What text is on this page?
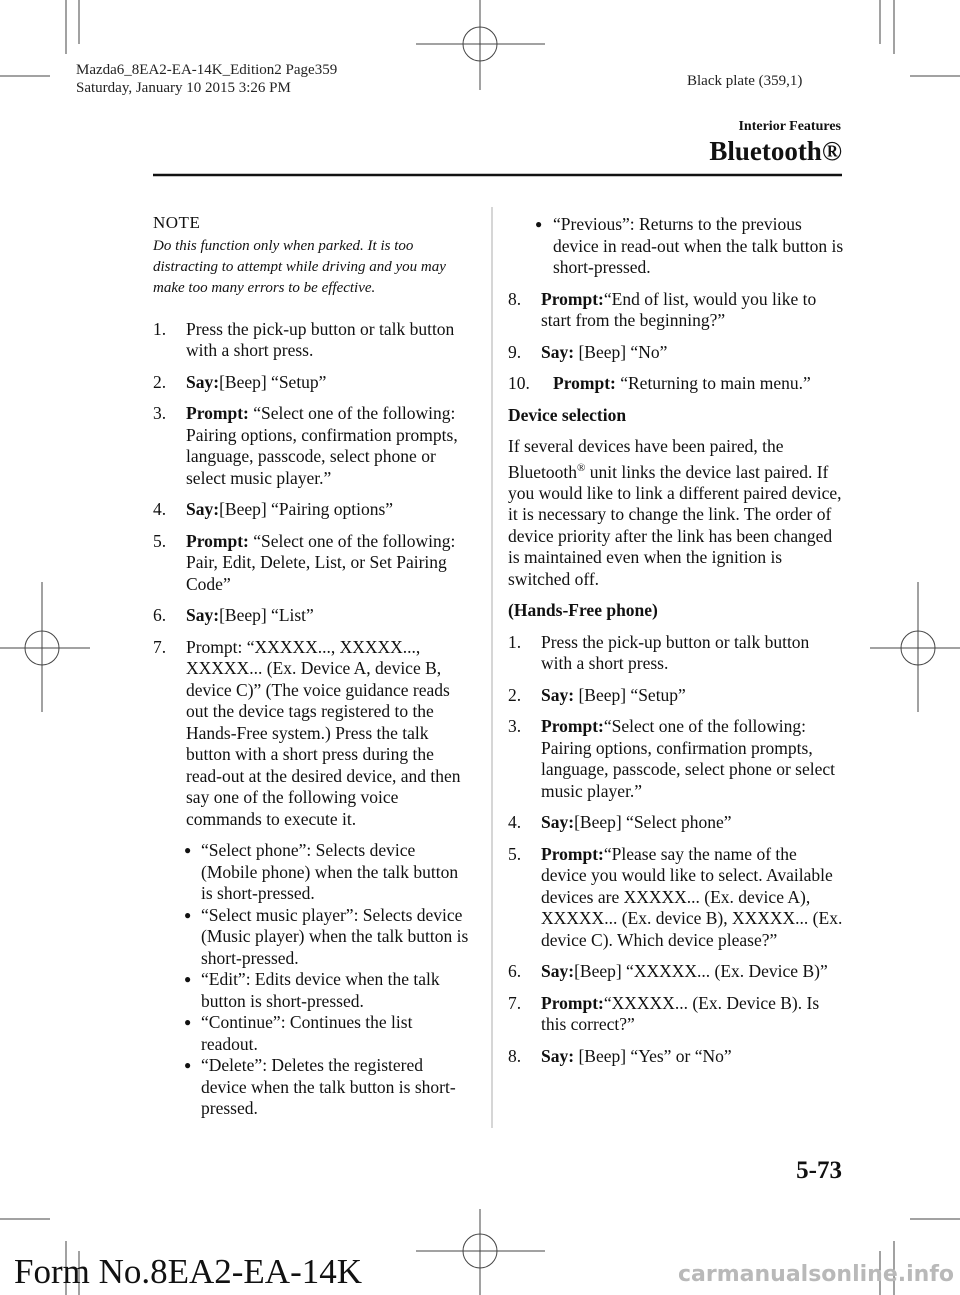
Mazda6_8EA2-EA-14K_Edition2 Page359
Saturday, January 10 2015 3:26 PM	Black plate (359,1)
Interior Features
Bluetooth®

NOTE

Do this function only when parked. It is too distracting to attempt while driving and you may make too many errors to be effective.

1. Press the pick-up button or talk button with a short press.
2. Say:[Beep] “Setup”
3. Prompt: “Select one of the following: Pairing options, confirmation prompts, language, passcode, select phone or select music player.”
4. Say:[Beep] “Pairing options”
5. Prompt: “Select one of the following: Pair, Edit, Delete, List, or Set Pairing Code”
6. Say:[Beep] “List”
7. Prompt: “XXXXX..., XXXXX..., XXXXX... (Ex. Device A, device B, device C)” (The voice guidance reads out the device tags registered to the Hands-Free system.) Press the talk button with a short press during the read-out at the desired device, and then say one of the following voice commands to execute it.
● “Select phone”: Selects device (Mobile phone) when the talk button is short-pressed.
● “Select music player”: Selects device (Music player) when the talk button is short-pressed.
● “Edit”: Edits device when the talk button is short-pressed.
● “Continue”: Continues the list readout.
● “Delete”: Deletes the registered device when the talk button is short-pressed.
● “Previous”: Returns to the previous device in read-out when the talk button is short-pressed.
8. Prompt:“End of list, would you like to start from the beginning?”
9. Say: [Beep] “No”
10. Prompt: “Returning to main menu.”

Device selection

If several devices have been paired, the Bluetooth® unit links the device last paired. If you would like to link a different paired device, it is necessary to change the link. The order of device priority after the link has been changed is maintained even when the ignition is switched off.

(Hands-Free phone)

1. Press the pick-up button or talk button with a short press.
2. Say: [Beep] “Setup”
3. Prompt:“Select one of the following: Pairing options, confirmation prompts, language, passcode, select phone or select music player.”
4. Say:[Beep] “Select phone”
5. Prompt:“Please say the name of the device you would like to select. Available devices are XXXXX... (Ex. device A), XXXXX... (Ex. device B), XXXXX... (Ex. device C). Which device please?”
6. Say:[Beep] “XXXXX... (Ex. Device B)”
7. Prompt:“XXXXX... (Ex. Device B). Is this correct?”
8. Say: [Beep] “Yes” or “No”
5-73
Form No.8EA2-EA-14K	carmanualsonline.info
